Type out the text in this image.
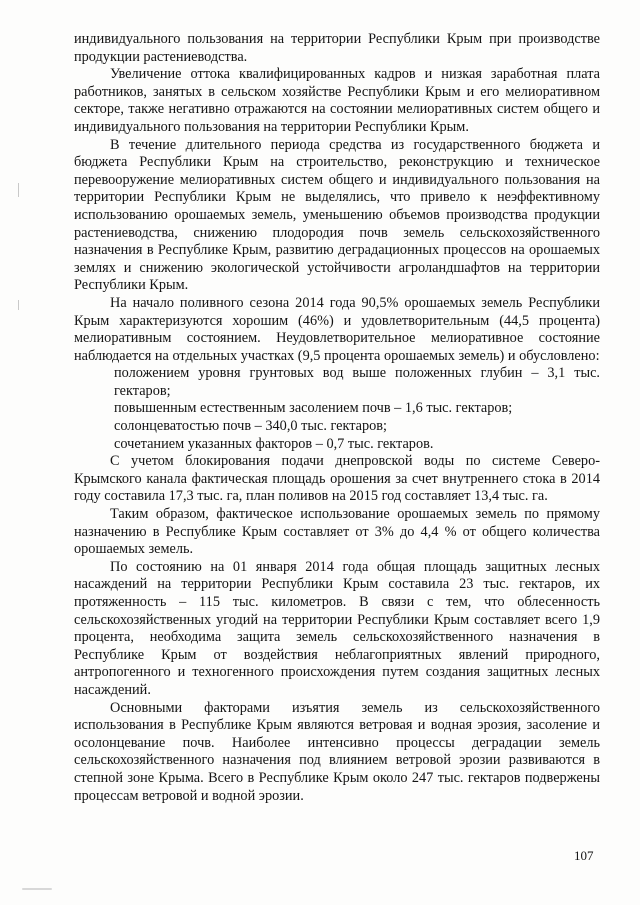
индивидуального пользования на территории Республики Крым при производстве продукции растениеводства.

Увеличение оттока квалифицированных кадров и низкая заработная плата работников, занятых в сельском хозяйстве Республики Крым и его мелиоративном секторе, также негативно отражаются на состоянии мелиоративных систем общего и индивидуального пользования на территории Республики Крым.

В течение длительного периода средства из государственного бюджета и бюджета Республики Крым на строительство, реконструкцию и техническое перевооружение мелиоративных систем общего и индивидуального пользования на территории Республики Крым не выделялись, что привело к неэффективному использованию орошаемых земель, уменьшению объемов производства продукции растениеводства, снижению плодородия почв земель сельскохозяйственного назначения в Республике Крым, развитию деградационных процессов на орошаемых землях и снижению экологической устойчивости агроландшафтов на территории Республики Крым.

На начало поливного сезона 2014 года 90,5% орошаемых земель Республики Крым характеризуются хорошим (46%) и удовлетворительным (44,5 процента) мелиоративным состоянием. Неудовлетворительное мелиоративное состояние наблюдается на отдельных участках (9,5 процента орошаемых земель) и обусловлено:

положением уровня грунтовых вод выше положенных глубин – 3,1 тыс. гектаров;

повышенным естественным засолением почв – 1,6 тыс. гектаров;

солонцеватостью почв – 340,0 тыс. гектаров;

сочетанием указанных факторов – 0,7 тыс. гектаров.

С учетом блокирования подачи днепровской воды по системе Северо-Крымского канала фактическая площадь орошения за счет внутреннего стока в 2014 году составила 17,3 тыс. га, план поливов на 2015 год составляет 13,4 тыс. га.

Таким образом, фактическое использование орошаемых земель по прямому назначению в Республике Крым составляет от 3% до 4,4 % от общего количества орошаемых земель.

По состоянию на 01 января 2014 года общая площадь защитных лесных насаждений на территории Республики Крым составила 23 тыс. гектаров, их протяженность – 115 тыс. километров. В связи с тем, что облесенность сельскохозяйственных угодий на территории Республики Крым составляет всего 1,9 процента, необходима защита земель сельскохозяйственного назначения в Республике Крым от воздействия неблагоприятных явлений природного, антропогенного и техногенного происхождения путем создания защитных лесных насаждений.

Основными факторами изъятия земель из сельскохозяйственного использования в Республике Крым являются ветровая и водная эрозия, засоление и осолонцевание почв. Наиболее интенсивно процессы деградации земель сельскохозяйственного назначения под влиянием ветровой эрозии развиваются в степной зоне Крыма. Всего в Республике Крым около 247 тыс. гектаров подвержены процессам ветровой и водной эрозии.

107
